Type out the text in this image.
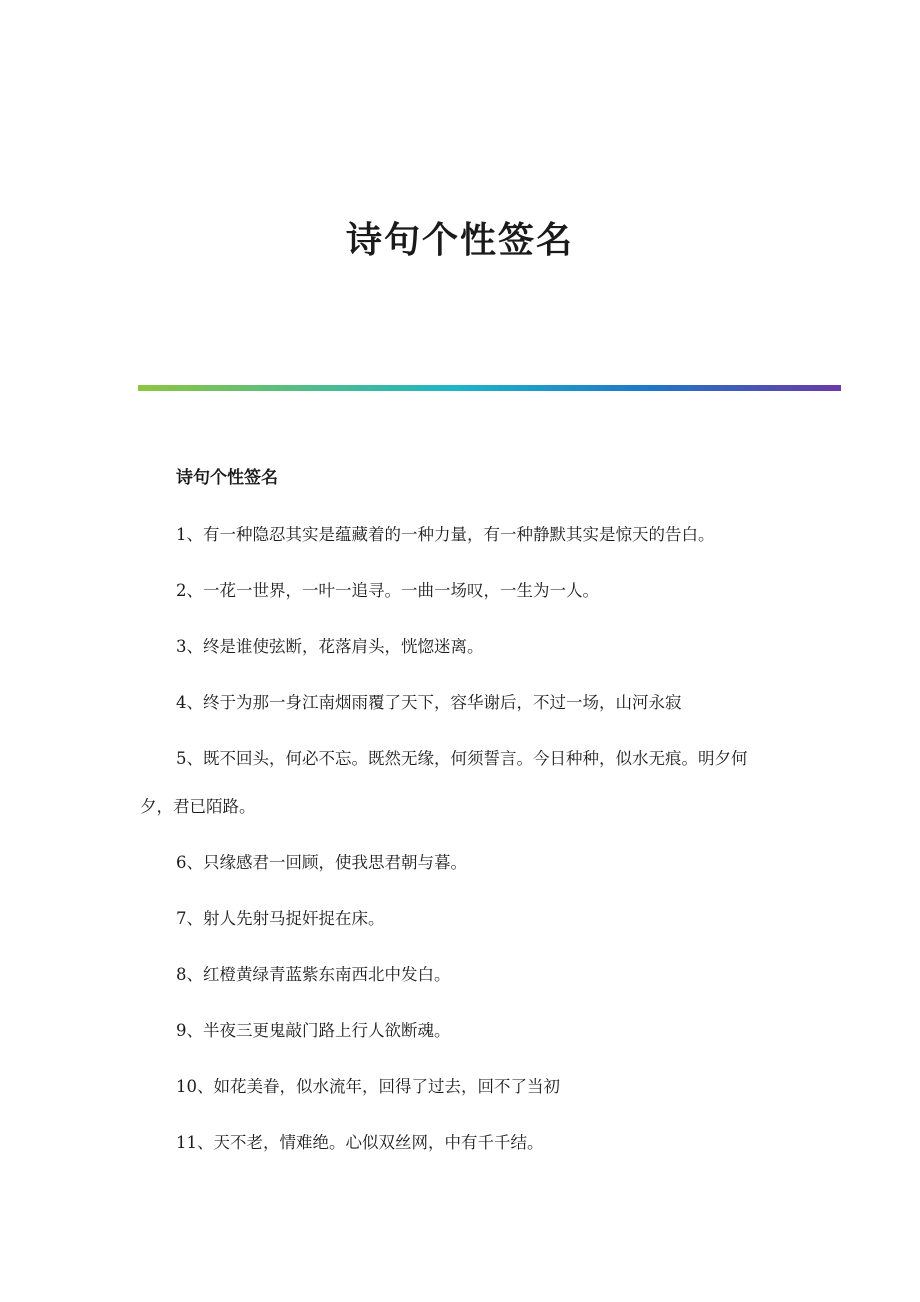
诗句个性签名

诗句个性签名

1、有一种隐忍其实是蕴藏着的一种力量，有一种静默其实是惊天的告白。

2、一花一世界，一叶一追寻。一曲一场叹，一生为一人。

3、终是谁使弦断，花落肩头，恍惚迷离。

4、终于为那一身江南烟雨覆了天下，容华谢后，不过一场，山河永寂

5、既不回头，何必不忘。既然无缘，何须誓言。今日种种，似水无痕。明夕何夕，君已陌路。

6、只缘感君一回顾，使我思君朝与暮。

7、射人先射马捉奸捉在床。

8、红橙黄绿青蓝紫东南西北中发白。

9、半夜三更鬼敲门路上行人欲断魂。

10、如花美眷，似水流年，回得了过去，回不了当初

11、天不老，情难绝。心似双丝网，中有千千结。
